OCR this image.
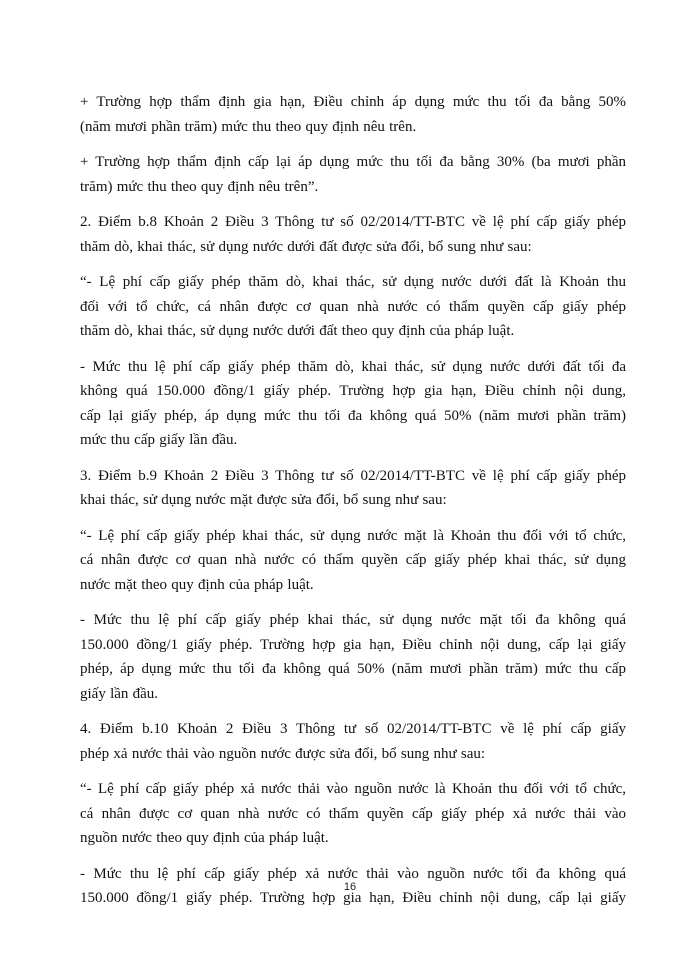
+ Trường hợp thẩm định gia hạn, Điều chỉnh áp dụng mức thu tối đa bằng 50%
(năm mươi phần trăm) mức thu theo quy định nêu trên.
+ Trường hợp thẩm định cấp lại áp dụng mức thu tối đa bằng 30% (ba mươi phần
trăm) mức thu theo quy định nêu trên”.
2. Điểm b.8 Khoản 2 Điều 3 Thông tư số 02/2014/TT-BTC về lệ phí cấp giấy phép
thăm dò, khai thác, sử dụng nước dưới đất được sửa đổi, bổ sung như sau:
“- Lệ phí cấp giấy phép thăm dò, khai thác, sử dụng nước dưới đất là Khoản thu
đối với tổ chức, cá nhân được cơ quan nhà nước có thẩm quyền cấp giấy phép
thăm dò, khai thác, sử dụng nước dưới đất theo quy định của pháp luật.
- Mức thu lệ phí cấp giấy phép thăm dò, khai thác, sử dụng nước dưới đất tối đa
không quá 150.000 đồng/1 giấy phép. Trường hợp gia hạn, Điều chỉnh nội dung,
cấp lại giấy phép, áp dụng mức thu tối đa không quá 50% (năm mươi phần trăm)
mức thu cấp giấy lần đầu.
3. Điểm b.9 Khoản 2 Điều 3 Thông tư số 02/2014/TT-BTC về lệ phí cấp giấy phép
khai thác, sử dụng nước mặt được sửa đổi, bổ sung như sau:
“- Lệ phí cấp giấy phép khai thác, sử dụng nước mặt là Khoản thu đối với tổ chức,
cá nhân được cơ quan nhà nước có thẩm quyền cấp giấy phép khai thác, sử dụng
nước mặt theo quy định của pháp luật.
- Mức thu lệ phí cấp giấy phép khai thác, sử dụng nước mặt tối đa không quá
150.000 đồng/1 giấy phép. Trường hợp gia hạn, Điều chỉnh nội dung, cấp lại giấy
phép, áp dụng mức thu tối đa không quá 50% (năm mươi phần trăm) mức thu cấp
giấy lần đầu.
4. Điểm b.10 Khoản 2 Điều 3 Thông tư số 02/2014/TT-BTC về lệ phí cấp giấy
phép xả nước thải vào nguồn nước được sửa đổi, bổ sung như sau:
“- Lệ phí cấp giấy phép xả nước thải vào nguồn nước là Khoản thu đối với tổ chức,
cá nhân được cơ quan nhà nước có thẩm quyền cấp giấy phép xả nước thải vào
nguồn nước theo quy định của pháp luật.
- Mức thu lệ phí cấp giấy phép xả nước thải vào nguồn nước tối đa không quá
150.000 đồng/1 giấy phép. Trường hợp gia hạn, Điều chỉnh nội dung, cấp lại giấy
16
